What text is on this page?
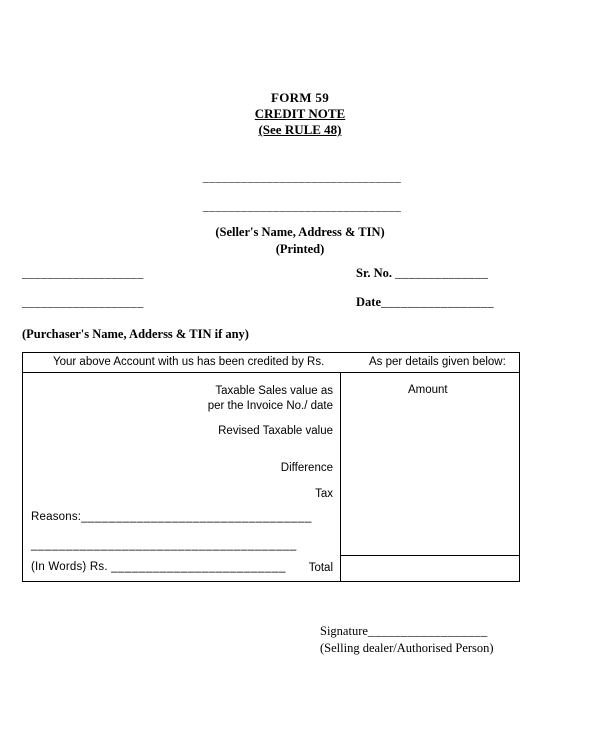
FORM 59
CREDIT NOTE
(See RULE 48)
_______________________________
_______________________________
(Seller's Name, Address & TIN)
(Printed)
___________________
___________________
(Purchaser's Name, Adderss & TIN if any)
Sr. No. ______________
Date_________________
Your above Account with us has been credited by Rs.	As per details given below:
Amount
Taxable Sales value as
per the Invoice No./ date
Revised Taxable value
Difference
Tax
Total
Reasons:_________________________________
______________________________________
(In Words) Rs. _________________________
Signature__________________
(Selling dealer/Authorised Person)
